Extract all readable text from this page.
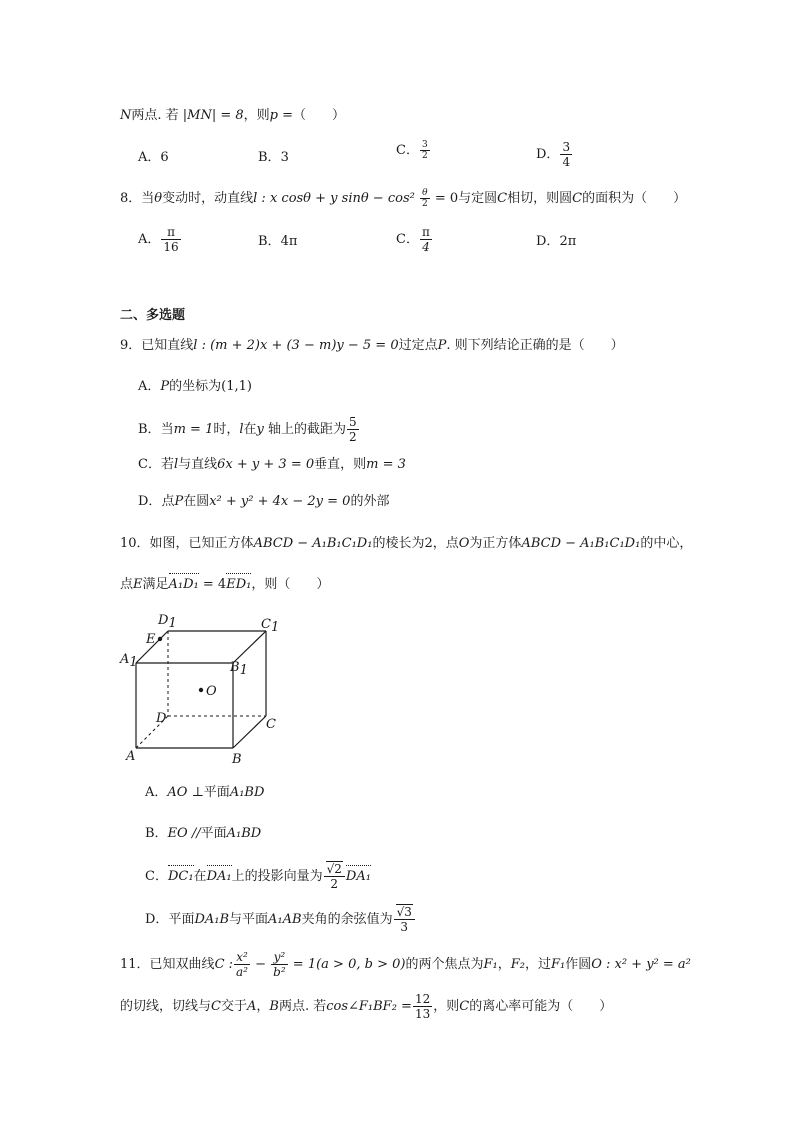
N两点. 若 |MN| = 8，则p =（　　）
A．6	B．3	C． $\frac{3}{2}$	D． $\frac{3}{4}$
8．当θ变动时，动直线l : x cosθ + y $\sin\theta - \cos^2 \frac{\theta}{2} = 0$与定圆C相切，则圆C的面积为（　　）
A． $\frac{\pi}{16}$	B．4π	C． $\frac{\pi}{4}$	D．2π
二、多选题
9．已知直线l : (m + 2)x + (3 − m)y − 5 = 0过定点P. 则下列结论正确的是（　　）
A．P的坐标为(1,1)
B．当m = 1时，l在y 轴上的截距为 $\frac{5}{2}$
C．若l与直线6x + y + 3 = 0垂直，则m = 3
D．点P在圆x² + y² + 4x − 2y = 0的外部
10．如图，已知正方体ABCD − A₁B₁C₁D₁的棱长为2，点O为正方体ABCD − A₁B₁C₁D₁的中心，
点E满足A₁D₁ = 4ED₁，则（　　）
D1	C1
E
A1	B1
O
D	C
A	B
A．AO ⊥平面A₁BD
B．EO //平面A₁BD
C．DC₁在DA₁上的投影向量为 $\frac{√2}{2} DA_1$
D．平面DA₁B与平面A₁AB夹角的余弦值为 $\frac{√3}{3}$
11．已知双曲线C : $\frac{\text{x²}}{\text{a²}} - \frac{\text{y²}}{\text{b²}} = 1(a > 0$, b > 0)的两个焦点为F₁，F₂，过F₁作圆O : x² + y² = a²
的切线，切线与C交于A，B两点. 若cos∠F₁BF₂ = $\frac{12}{13}$ ，则C的离心率可能为（　　）
